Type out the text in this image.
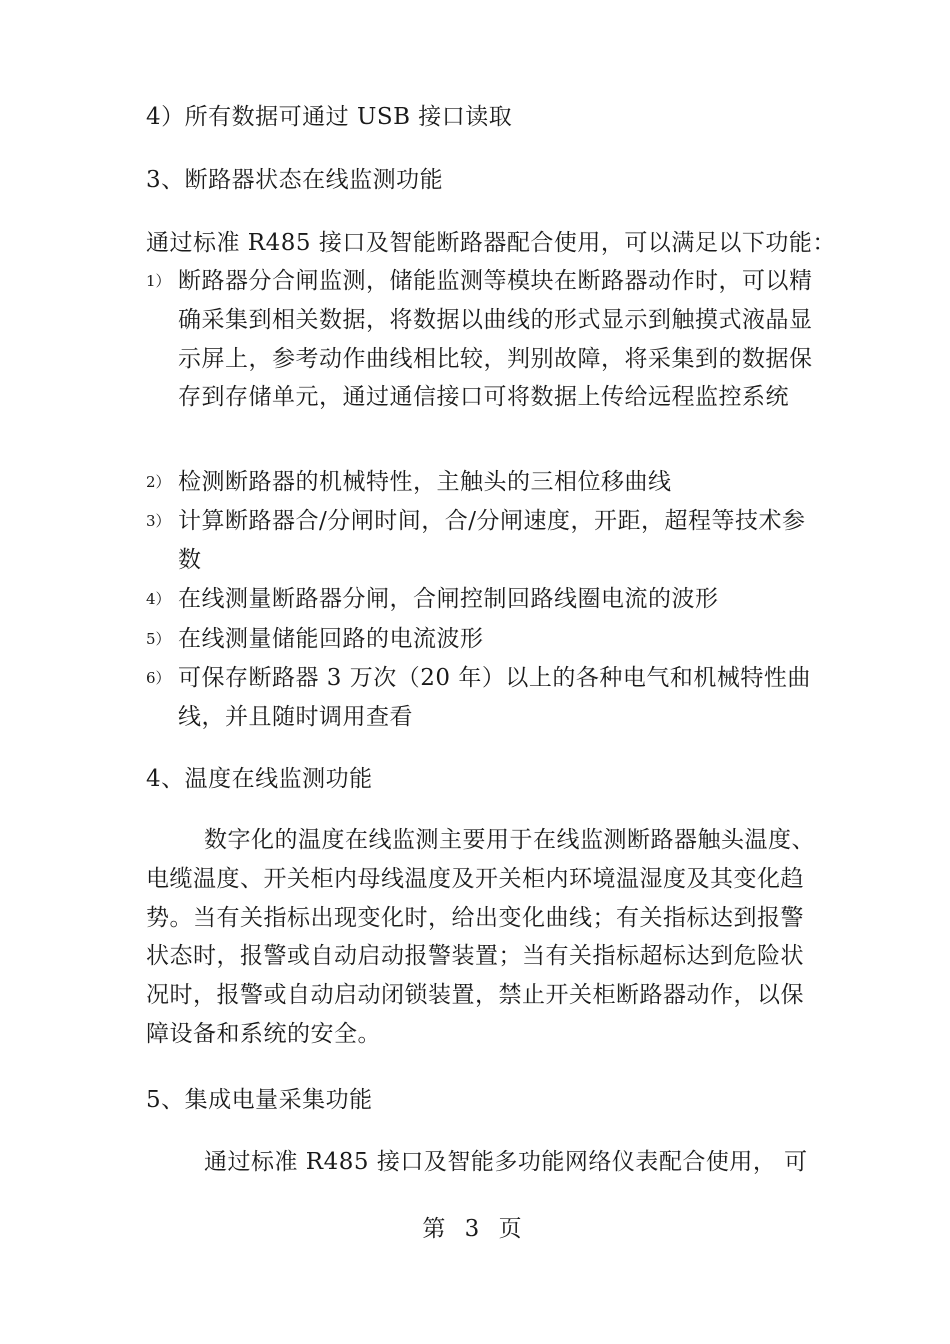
4）所有数据可通过 USB 接口读取
3、断路器状态在线监测功能
通过标准 R485 接口及智能断路器配合使用，可以满足以下功能：
1） 断路器分合闸监测，储能监测等模块在断路器动作时，可以精确采集到相关数据，将数据以曲线的形式显示到触摸式液晶显示屏上，参考动作曲线相比较，判别故障，将采集到的数据保存到存储单元，通过通信接口可将数据上传给远程监控系统
2） 检测断路器的机械特性，主触头的三相位移曲线
3） 计算断路器合/分闸时间，合/分闸速度，开距，超程等技术参数
4） 在线测量断路器分闸，合闸控制回路线圈电流的波形
5） 在线测量储能回路的电流波形
6） 可保存断路器 3 万次（20 年）以上的各种电气和机械特性曲线，并且随时调用查看
4、温度在线监测功能
数字化的温度在线监测主要用于在线监测断路器触头温度、电缆温度、开关柜内母线温度及开关柜内环境温湿度及其变化趋势。当有关指标出现变化时，给出变化曲线；有关指标达到报警状态时，报警或自动启动报警装置；当有关指标超标达到危险状况时，报警或自动启动闭锁装置，禁止开关柜断路器动作，以保障设备和系统的安全。
5、集成电量采集功能
通过标准 R485 接口及智能多功能网络仪表配合使用， 可
第 3 页
